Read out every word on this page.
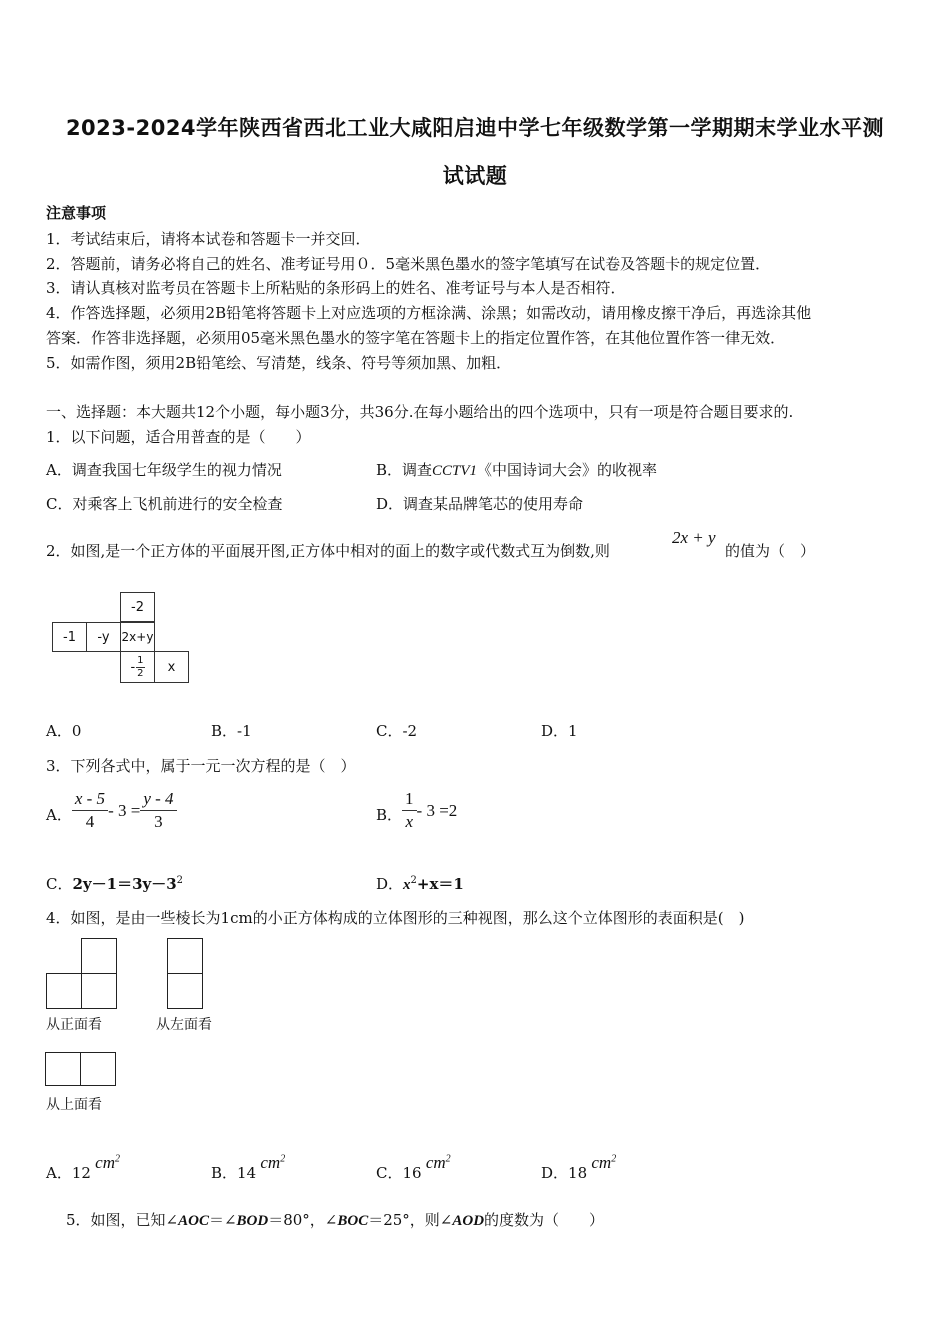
2023-2024学年陕西省西北工业大咸阳启迪中学七年级数学第一学期期末学业水平测
试试题
注意事项
1．考试结束后，请将本试卷和答题卡一并交回．
2．答题前，请务必将自己的姓名、准考证号用０．5毫米黑色墨水的签字笔填写在试卷及答题卡的规定位置．
3．请认真核对监考员在答题卡上所粘贴的条形码上的姓名、准考证号与本人是否相符．
4．作答选择题，必须用2B铅笔将答题卡上对应选项的方框涂满、涂黑；如需改动，请用橡皮擦干净后，再选涂其他
答案．作答非选择题，必须用05毫米黑色墨水的签字笔在答题卡上的指定位置作答，在其他位置作答一律无效．
5．如需作图，须用2B铅笔绘、写清楚，线条、符号等须加黑、加粗．
一、选择题：本大题共12个小题，每小题3分，共36分.在每小题给出的四个选项中，只有一项是符合题目要求的.
1．以下问题，适合用普查的是（　　）
A．调查我国七年级学生的视力情况	B．调查CCTV1《中国诗词大会》的收视率
C．对乘客上飞机前进行的安全检查	D．调查某品牌笔芯的使用寿命
2．如图,是一个正方体的平面展开图,正方体中相对的面上的数字或代数式互为倒数,则
2x + y
的值为（　）
-2
-1	-y 2x+y
- $\frac{1}{2}$	x
A．0	B．-1	C．-2	D．1
3．下列各式中，属于一元一次方程的是（　）
A． $\frac{x - 5}{4} - 3 = \frac{y - 4}{3}$	B． $\frac{1}{x} - 3 =2$
C．$2y-1=3y-3^2$	D．$x^2+x=1$
4．如图，是由一些棱长为1cm的小正方体构成的立体图形的三种视图，那么这个立体图形的表面积是(　)
从正面看	从左面看
从上面看
A．12 $cm^2$
B．14 $cm^2$
C．16 $cm^2$
D．18 $cm^2$
5．如图，已知∠AOC＝∠BOD＝80°，∠BOC＝25°，则∠AOD的度数为（　　）
